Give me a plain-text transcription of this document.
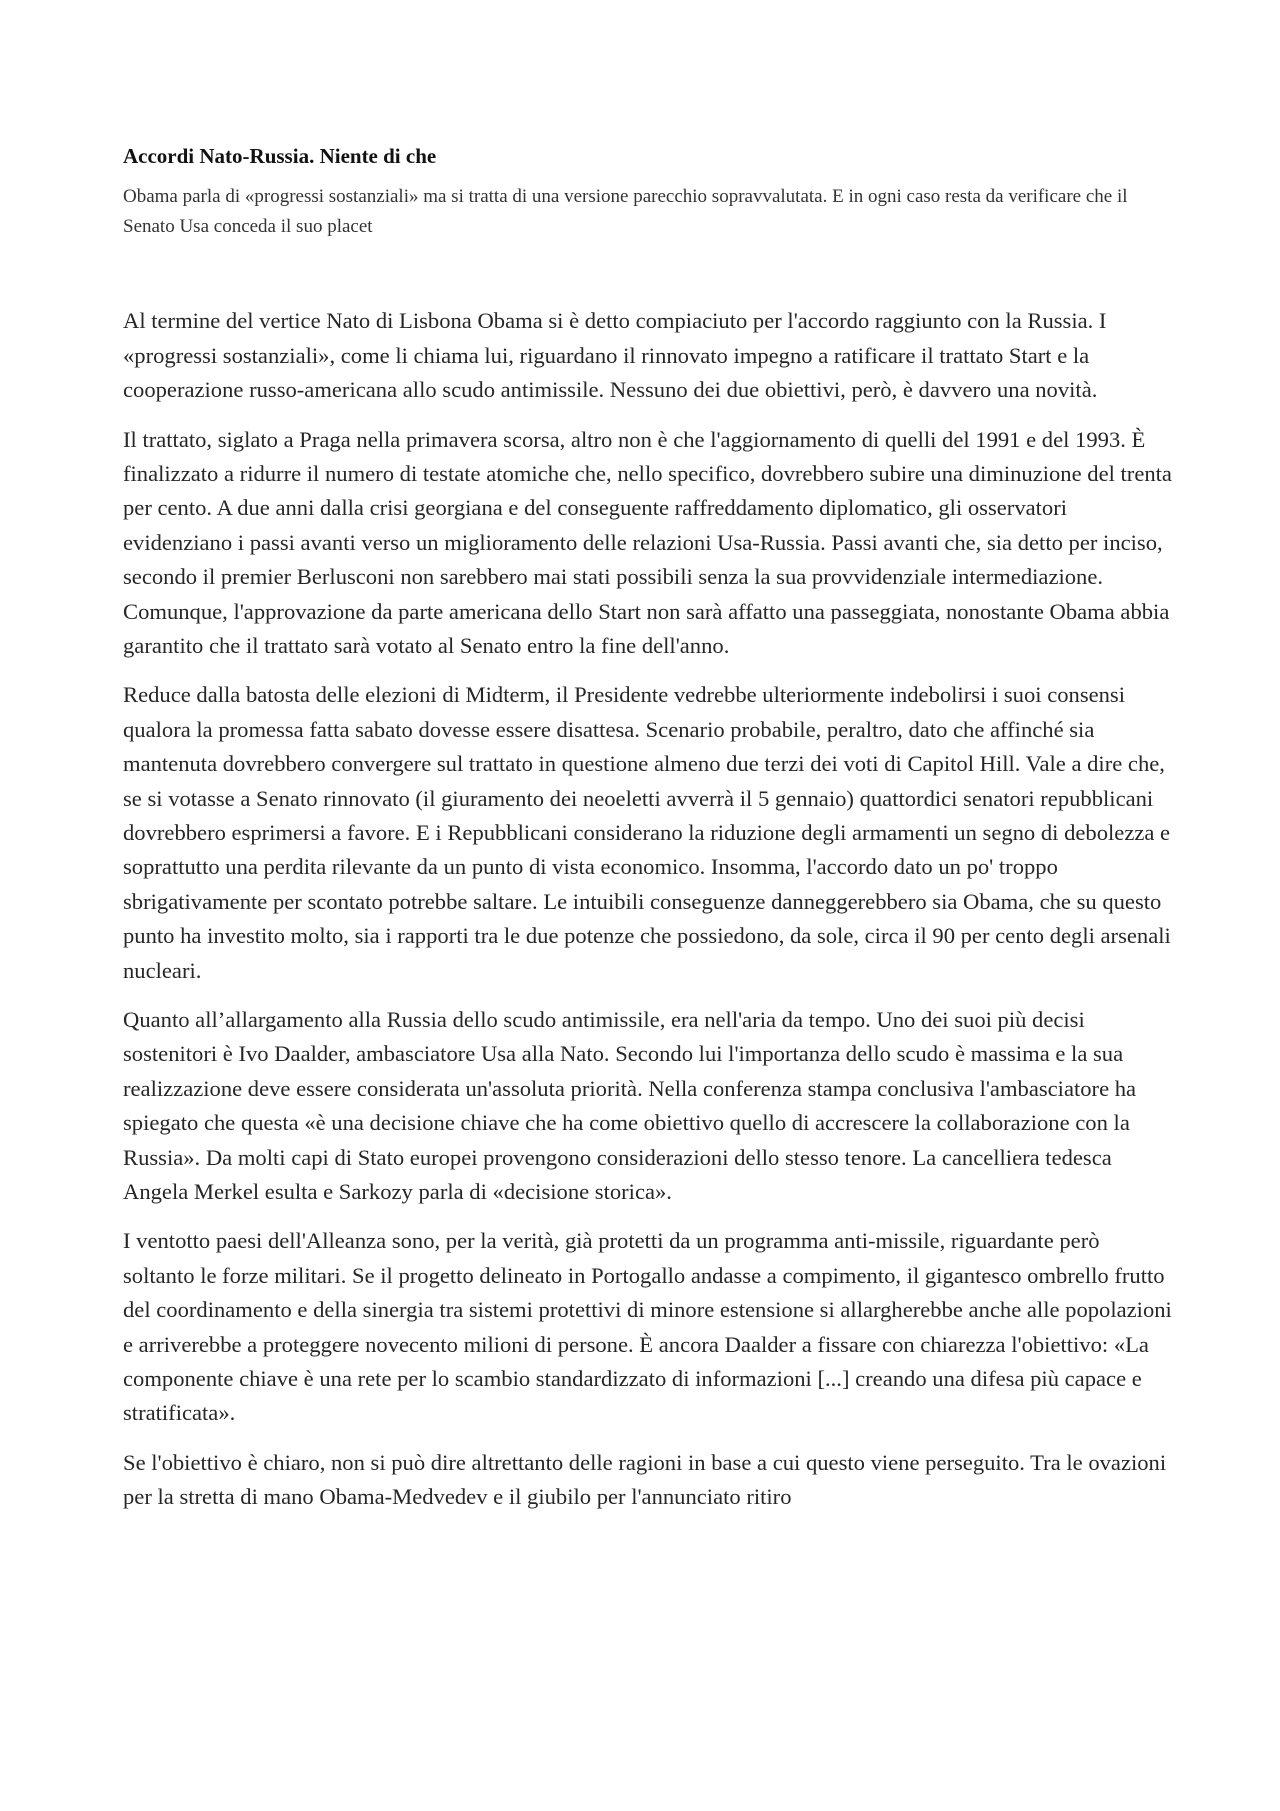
Accordi Nato-Russia. Niente di che
Obama parla di «progressi sostanziali» ma si tratta di una versione parecchio sopravvalutata. E in ogni caso resta da verificare che il Senato Usa conceda il suo placet

Al termine del vertice Nato di Lisbona Obama si è detto compiaciuto per l'accordo raggiunto con la Russia. I «progressi sostanziali», come li chiama lui, riguardano il rinnovato impegno a ratificare il trattato Start e la cooperazione russo-americana allo scudo antimissile. Nessuno dei due obiettivi, però, è davvero una novità.

Il trattato, siglato a Praga nella primavera scorsa, altro non è che l'aggiornamento di quelli del 1991 e del 1993. È finalizzato a ridurre il numero di testate atomiche che, nello specifico, dovrebbero subire una diminuzione del trenta per cento. A due anni dalla crisi georgiana e del conseguente raffreddamento diplomatico, gli osservatori evidenziano i passi avanti verso un miglioramento delle relazioni Usa-Russia. Passi avanti che, sia detto per inciso, secondo il premier Berlusconi non sarebbero mai stati possibili senza la sua provvidenziale intermediazione. Comunque, l'approvazione da parte americana dello Start non sarà affatto una passeggiata, nonostante Obama abbia garantito che il trattato sarà votato al Senato entro la fine dell'anno.

Reduce dalla batosta delle elezioni di Midterm, il Presidente vedrebbe ulteriormente indebolirsi i suoi consensi qualora la promessa fatta sabato dovesse essere disattesa. Scenario probabile, peraltro, dato che affinché sia mantenuta dovrebbero convergere sul trattato in questione almeno due terzi dei voti di Capitol Hill. Vale a dire che, se si votasse a Senato rinnovato (il giuramento dei neoeletti avverrà il 5 gennaio) quattordici senatori repubblicani dovrebbero esprimersi a favore. E i Repubblicani considerano la riduzione degli armamenti un segno di debolezza e soprattutto una perdita rilevante da un punto di vista economico. Insomma, l'accordo dato un po' troppo sbrigativamente per scontato potrebbe saltare. Le intuibili conseguenze danneggerebbero sia Obama, che su questo punto ha investito molto, sia i rapporti tra le due potenze che possiedono, da sole, circa il 90 per cento degli arsenali nucleari.

Quanto all’allargamento alla Russia dello scudo antimissile, era nell'aria da tempo. Uno dei suoi più decisi sostenitori è Ivo Daalder, ambasciatore Usa alla Nato. Secondo lui l'importanza dello scudo è massima e la sua realizzazione deve essere considerata un'assoluta priorità. Nella conferenza stampa conclusiva l'ambasciatore ha spiegato che questa «è una decisione chiave che ha come obiettivo quello di accrescere la collaborazione con la Russia». Da molti capi di Stato europei provengono considerazioni dello stesso tenore. La cancelliera tedesca Angela Merkel esulta e Sarkozy parla di «decisione storica».

I ventotto paesi dell'Alleanza sono, per la verità, già protetti da un programma anti-missile, riguardante però soltanto le forze militari. Se il progetto delineato in Portogallo andasse a compimento, il gigantesco ombrello frutto del coordinamento e della sinergia tra sistemi protettivi di minore estensione si allargherebbe anche alle popolazioni e arriverebbe a proteggere novecento milioni di persone. È ancora Daalder a fissare con chiarezza l'obiettivo: «La componente chiave è una rete per lo scambio standardizzato di informazioni [...] creando una difesa più capace e stratificata».

Se l'obiettivo è chiaro, non si può dire altrettanto delle ragioni in base a cui questo viene perseguito. Tra le ovazioni per la stretta di mano Obama-Medvedev e il giubilo per l'annunciato ritiro
